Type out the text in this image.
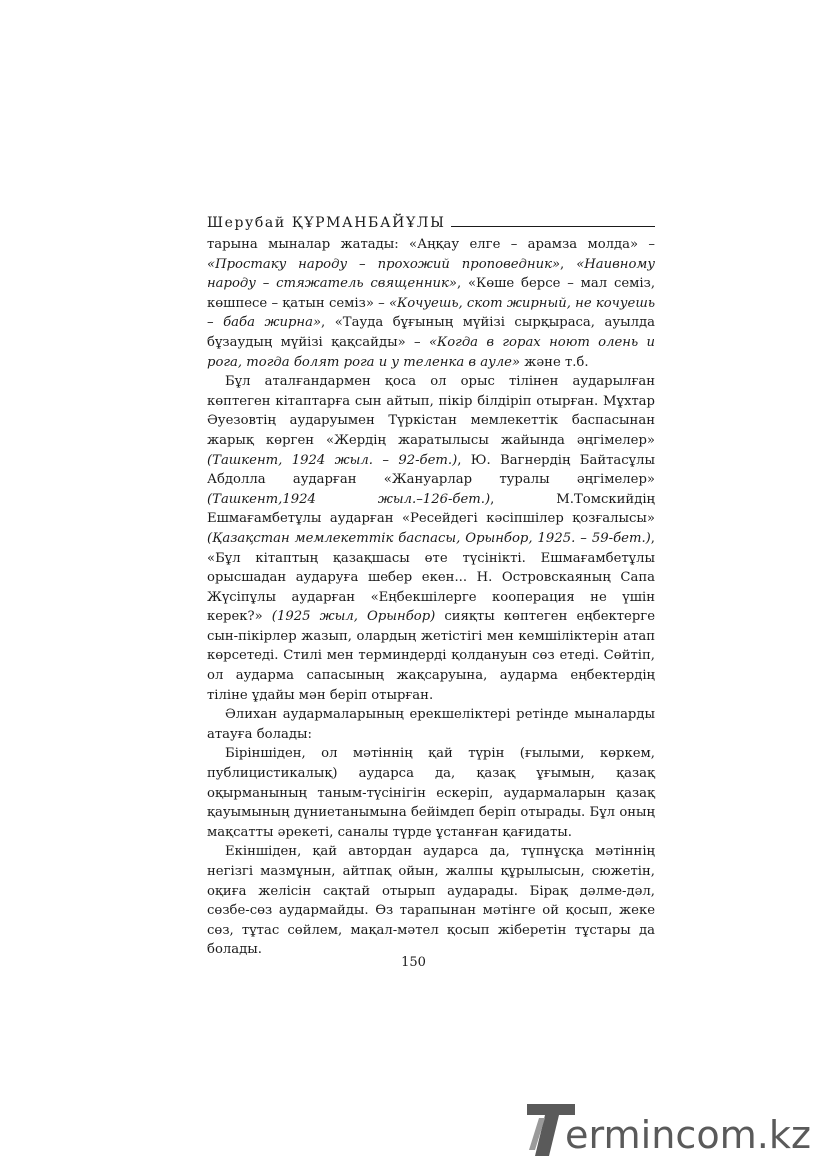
Шерубай ҚҰРМАНБАЙҰЛЫ

тарына мыналар жатады: «Аңқау елге – арамза молда» – «Простаку народу – прохожий проповедник», «Наивному народу – стяжатель священник», «Көше берсе – мал семіз, көшпесе – қатын семіз» – «Кочуешь, скот жирный, не кочуешь – баба жирна», «Тауда бұғының мүйізі сырқыраса, ауылда бұзаудың мүйізі қақсайды» – «Когда в горах ноют олень и рога, тогда болят рога и у теленка в ауле» және т.б.

Бұл аталғандармен қоса ол орыс тілінен аударылған көптеген кітаптарға сын айтып, пікір білдіріп отырған. Мұхтар Әуезовтің аударуымен Түркістан мемлекеттік баспасынан жарық көрген «Жердің жаратылысы жайында әңгімелер» (Ташкент, 1924 жыл. – 92-бет.), Ю. Вагнердің Байтасұлы Абдолла аударған «Жануарлар туралы әңгімелер» (Ташкент,1924 жыл.–126-бет.), М.Томскийдің Ешмағамбетұлы аударған «Ресейдегі кәсіпшілер қозғалысы» (Қазақстан мемлекеттік баспасы, Орынбор, 1925. – 59-бет.), «Бұл кітаптың қазақшасы өте түсінікті. Ешмағамбетұлы орысшадан аударуға шебер екен... Н. Островскаяның Сапа Жүсіпұлы аударған «Еңбекшілерге кооперация не үшін керек?» (1925 жыл, Орынбор) сияқты көптеген еңбектерге сын-пікірлер жазып, олардың жетістігі мен кемшіліктерін атап көрсетеді. Стилі мен терминдерді қолдануын сөз етеді. Сөйтіп, ол аударма сапасының жақсаруына, аударма еңбектердің тіліне ұдайы мән беріп отырған.

Әлихан аудармаларының ерекшеліктері ретінде мыналарды атауға болады:

Біріншіден, ол мәтіннің қай түрін (ғылыми, көркем, публицистикалық) аударса да, қазақ ұғымын, қазақ оқырманының таным-түсінігін ескеріп, аудармаларын қазақ қауымының дүниетанымына бейімдеп беріп отырады. Бұл оның мақсатты әрекеті, саналы түрде ұстанған қағидаты.

Екіншіден, қай автордан аударса да, түпнұсқа мәтіннің негізгі мазмұнын, айтпақ ойын, жалпы құрылысын, сюжетін, оқиға желісін сақтай отырып аударады. Бірақ дәлме-дәл, сөзбе-сөз аудармайды. Өз тарапынан мәтінге ой қосып, жеке сөз, тұтас сөйлем, мақал-мәтел қосып жіберетін тұстары да болады.

150
ermincom.kz
